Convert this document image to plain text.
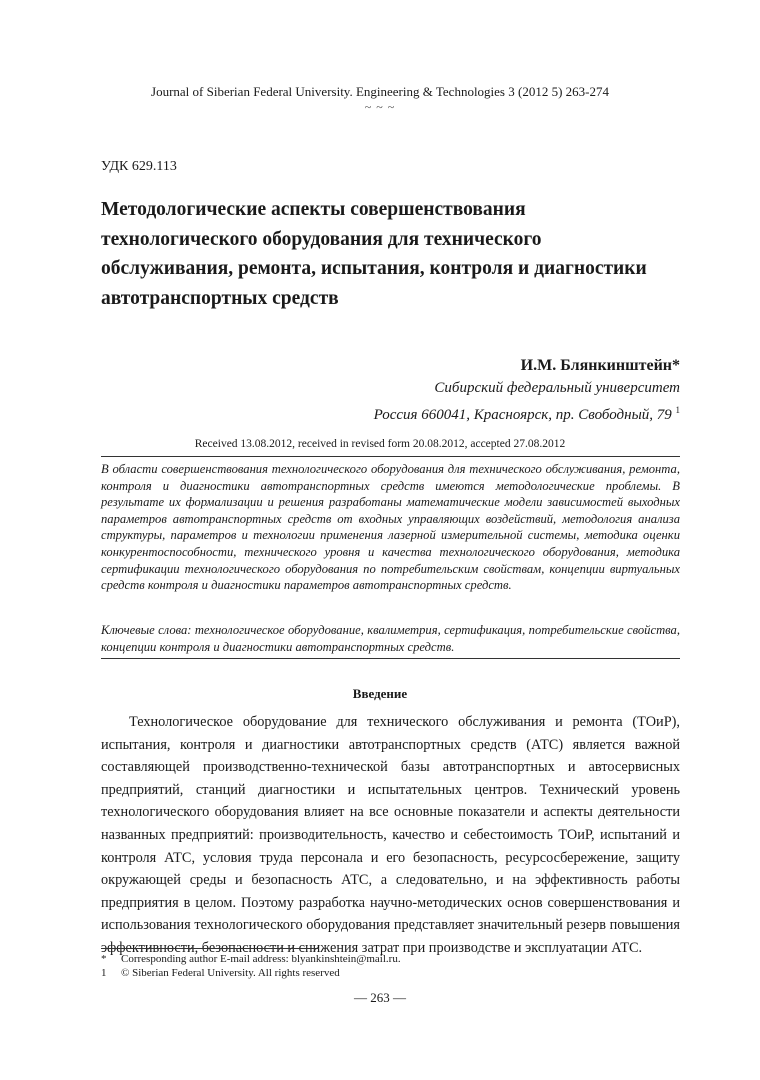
Journal of Siberian Federal University. Engineering & Technologies 3 (2012 5) 263-274
~ ~ ~
УДК 629.113
Методологические аспекты совершенствования технологического оборудования для технического обслуживания, ремонта, испытания, контроля и диагностики автотранспортных средств
И.М. Блянкинштейн*
Сибирский федеральный университет
Россия 660041, Красноярск, пр. Свободный, 79 $^1$
Received 13.08.2012, received in revised form 20.08.2012, accepted 27.08.2012

В области совершенствования технологического оборудования для технического обслуживания, ремонта, контроля и диагностики автотранспортных средств имеются методологические проблемы. В результате их формализации и решения разработаны математические модели зависимостей выходных параметров автотранспортных средств от входных управляющих воздействий, методология анализа структуры, параметров и технологии применения лазерной измерительной системы, методика оценки конкурентоспособности, технического уровня и качества технологического оборудования, методика сертификации технологического оборудования по потребительским свойствам, концепции виртуальных средств контроля и диагностики параметров автотранспортных средств.

Ключевые слова: технологическое оборудование, квалиметрия, сертификация, потребительские свойства, концепции контроля и диагностики автотранспортных средств.

Введение

Технологическое оборудование для технического обслуживания и ремонта (ТОиР), испытания, контроля и диагностики автотранспортных средств (АТС) является важной составляющей производственно-технической базы автотранспортных и автосервисных предприятий, станций диагностики и испытательных центров. Технический уровень технологического оборудования влияет на все основные показатели и аспекты деятельности названных предприятий: производительность, качество и себестоимость ТОиР, испытаний и контроля АТС, условия труда персонала и его безопасность, ресурсосбережение, защиту окружающей среды и безопасность АТС, а следовательно, и на эффективность работы предприятия в целом. Поэтому разработка научно-методических основ совершенствования и использования технологического оборудования представляет значительный резерв повышения эффективности, безопасности и снижения затрат при производстве и эксплуатации АТС.

* Corresponding author E-mail address: blyankinshtein@mail.ru.
1 © Siberian Federal University. All rights reserved
— 263 —
